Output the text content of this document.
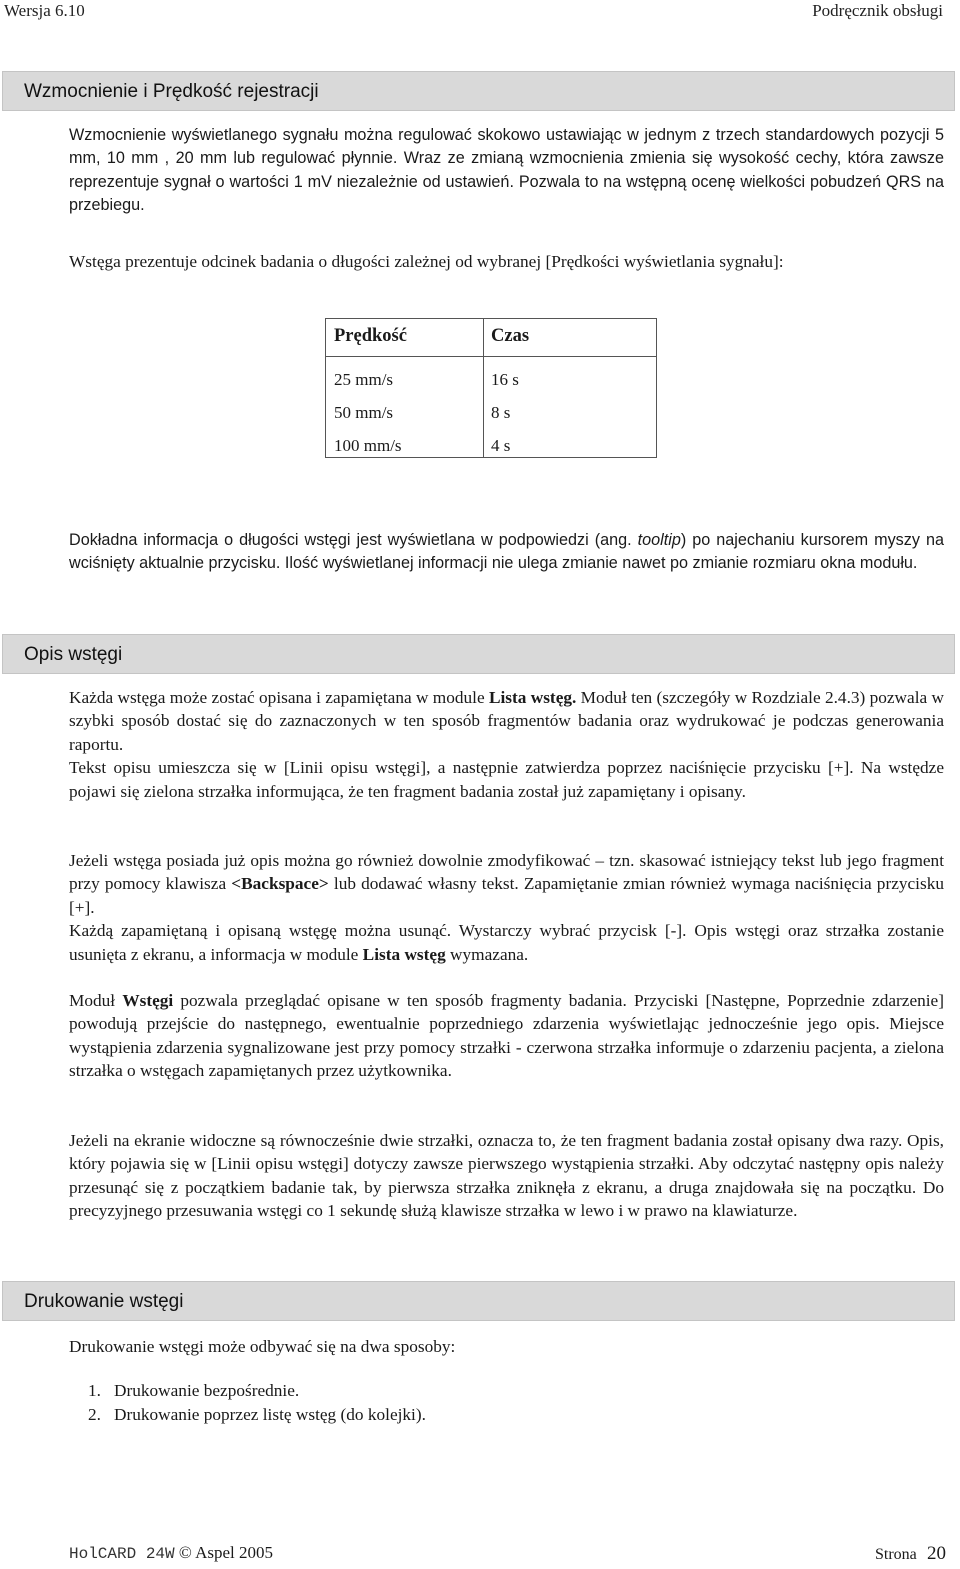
Wersja 6.10	Podręcznik obsługi
Wzmocnienie i Prędkość rejestracji

Wzmocnienie wyświetlanego sygnału można regulować skokowo ustawiając w jednym z trzech standardowych pozycji 5 mm, 10 mm , 20 mm lub regulować płynnie. Wraz ze zmianą wzmocnienia zmienia się wysokość cechy, która zawsze reprezentuje sygnał o wartości 1 mV niezależnie od ustawień. Pozwala to na wstępną ocenę wielkości pobudzeń QRS na przebiegu.

Wstęga prezentuje odcinek badania o długości zależnej od wybranej [Prędkości wyświetlania sygnału]:

Prędkość	Czas
25 mm/s	16 s
50 mm/s	8 s
100 mm/s	4 s

Dokładna informacja o długości wstęgi jest wyświetlana w podpowiedzi (ang. tooltip) po najechaniu kursorem myszy na wciśnięty aktualnie przycisku. Ilość wyświetlanej informacji nie ulega zmianie nawet po zmianie rozmiaru okna modułu.

Opis wstęgi

Każda wstęga może zostać opisana i zapamiętana w module Lista wstęg. Moduł ten (szczegóły w Rozdziale 2.4.3) pozwala w szybki sposób dostać się do zaznaczonych w ten sposób fragmentów badania oraz wydrukować je podczas generowania raportu.
Tekst opisu umieszcza się w [Linii opisu wstęgi], a następnie zatwierdza poprzez naciśnięcie przycisku [+]. Na wstędze pojawi się zielona strzałka informująca, że ten fragment badania został już zapamiętany i opisany.

Jeżeli wstęga posiada już opis można go również dowolnie zmodyfikować – tzn. skasować istniejący tekst lub jego fragment przy pomocy klawisza <Backspace> lub dodawać własny tekst. Zapamiętanie zmian również wymaga naciśnięcia przycisku [+].
Każdą zapamiętaną i opisaną wstęgę można usunąć. Wystarczy wybrać przycisk [-]. Opis wstęgi oraz strzałka zostanie usunięta z ekranu, a informacja w module Lista wstęg wymazana.

Moduł Wstęgi pozwala przeglądać opisane w ten sposób fragmenty badania. Przyciski [Następne, Poprzednie zdarzenie] powodują przejście do następnego, ewentualnie poprzedniego zdarzenia wyświetlając jednocześnie jego opis. Miejsce wystąpienia zdarzenia sygnalizowane jest przy pomocy strzałki - czerwona strzałka informuje o zdarzeniu pacjenta, a zielona strzałka o wstęgach zapamiętanych przez użytkownika.

Jeżeli na ekranie widoczne są równocześnie dwie strzałki, oznacza to, że ten fragment badania został opisany dwa razy. Opis, który pojawia się w [Linii opisu wstęgi] dotyczy zawsze pierwszego wystąpienia strzałki. Aby odczytać następny opis należy przesunąć się z początkiem badanie tak, by pierwsza strzałka zniknęła z ekranu, a druga znajdowała się na początku. Do precyzyjnego przesuwania wstęgi co 1 sekundę służą klawisze strzałka w lewo i w prawo na klawiaturze.

Drukowanie wstęgi

Drukowanie wstęgi może odbywać się na dwa sposoby:

1. Drukowanie bezpośrednie.
2. Drukowanie poprzez listę wstęg (do kolejki).
HolCARD 24W © Aspel 2005	Strona 20
